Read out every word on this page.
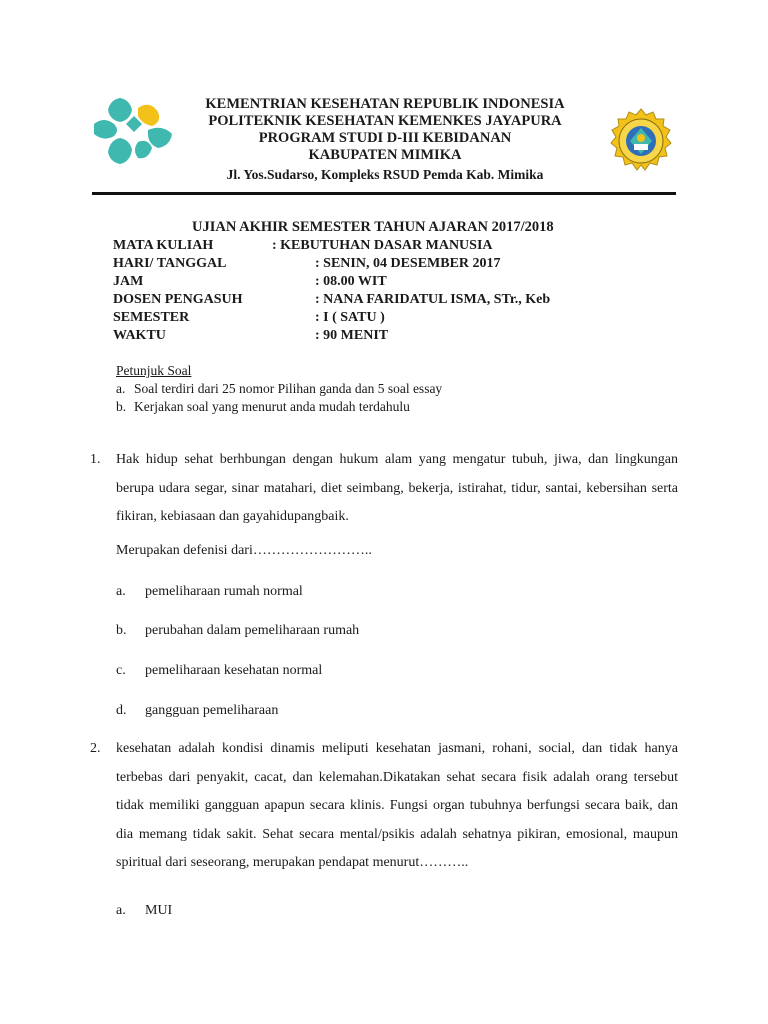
KEMENTRIAN KESEHATAN REPUBLIK INDONESIA
POLITEKNIK KESEHATAN KEMENKES JAYAPURA
PROGRAM STUDI D-III KEBIDANAN
KABUPATEN MIMIKA
Jl. Yos.Sudarso, Kompleks RSUD Pemda Kab. Mimika
UJIAN AKHIR SEMESTER TAHUN AJARAN 2017/2018
MATA KULIAH	: KEBUTUHAN DASAR MANUSIA
HARI/ TANGGAL	: SENIN, 04 DESEMBER 2017
JAM	: 08.00 WIT
DOSEN PENGASUH	: NANA FARIDATUL ISMA, STr., Keb
SEMESTER	: I ( SATU )
WAKTU	: 90 MENIT
Petunjuk Soal
a. Soal terdiri dari 25 nomor Pilihan ganda dan 5 soal essay
b. Kerjakan soal yang menurut anda mudah terdahulu
1. Hak hidup sehat berhbungan dengan hukum alam yang mengatur tubuh, jiwa, dan lingkungan berupa udara segar, sinar matahari, diet seimbang, bekerja, istirahat, tidur, santai, kebersihan serta fikiran, kebiasaan dan gayahidupangbaik.
Merupakan defenisi dari……………………..
a. pemeliharaan rumah normal
b. perubahan dalam pemeliharaan rumah
c. pemeliharaan kesehatan normal
d. gangguan pemeliharaan
2. kesehatan adalah kondisi dinamis meliputi kesehatan jasmani, rohani, social, dan tidak hanya terbebas dari penyakit, cacat, dan kelemahan.Dikatakan sehat secara fisik adalah orang tersebut tidak memiliki gangguan apapun secara klinis. Fungsi organ tubuhnya berfungsi secara baik, dan dia memang tidak sakit. Sehat secara mental/psikis adalah sehatnya pikiran, emosional, maupun spiritual dari seseorang, merupakan pendapat menurut………..
a. MUI
